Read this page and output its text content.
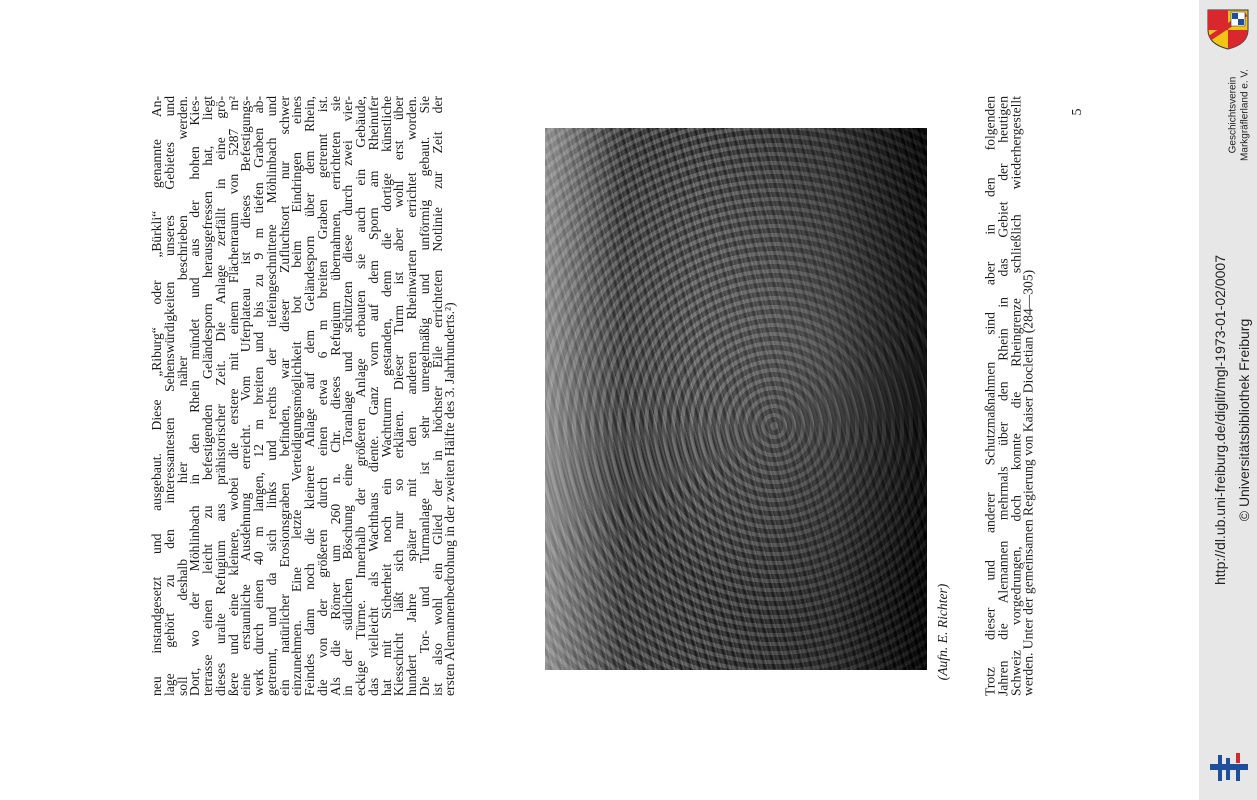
neu instandgesetzt und ausgebaut. Diese „Riburg“ oder „Bürkli“ genannte An-
lage gehört zu den interessantesten Sehenswürdigkeiten unseres Gebietes und
soll deshalb hier näher beschrieben werden.
Dort, wo der Möhlinbach in den Rhein mündet und aus der hohen Kies-
terrasse einen leicht zu befestigenden Geländesporn herausgefressen hat, liegt
dieses uralte Refugium aus prähistorischer Zeit. Die Anlage zerfällt in eine grö-
ßere und eine kleinere, wobei die erstere mit einem Flächenraum von 5287 m²
eine erstaunliche Ausdehnung erreicht. Vom Uferplateau ist dieses Befestigungs-
werk durch einen 40 m langen, 12 m breiten und bis zu 9 m tiefen Graben ab-
getrennt, und da sich links und rechts der tiefeingeschnittene Möhlinbach und
ein natürlicher Erosionsgraben befinden, war dieser Zufluchtsort nur schwer
einzunehmen. Eine letzte Verteidigungsmöglichkeit bot beim Eindringen eines
Feindes dann noch die kleinere Anlage auf dem Geländesporn über dem Rhein,
die von der größeren durch einen etwa 6 m breiten Graben getrennt ist.
Als die Römer um 260 n. Chr. dieses Refugium übernahmen, errichteten sie
in der südlichen Böschung eine Toranlage und schützten diese durch zwei vier-
eckige Türme. Innerhalb der größeren Anlage erbauten sie auch ein Gebäude,
das vielleicht als Wachthaus diente. Ganz vorn auf dem Sporn am Rheinufer
hat mit Sicherheit noch ein Wachtturm gestanden, denn die dortige künstliche
Kiesschicht läßt sich nur so erklären. Dieser Turm ist aber wohl erst über
hundert Jahre später mit den anderen Rheinwarten errichtet worden.
Die Tor- und Turmanlage ist sehr unregelmäßig und unförmig gebaut. Sie
ist also wohl ein Glied der in höchster Eile errichteten Notlinie zur Zeit der
ersten Alemannenbedrohung in der zweiten Hälfte des 3. Jahrhunderts.²)	(Aufn. E. Richter) Trotz dieser und anderer Schutzmaßnahmen sind aber in den folgenden
Jahren die Alemannen mehrmals über den Rhein in das Gebiet der heutigen
Schweiz vorgedrungen, doch konnte die Rheingrenze schließlich wiederhergestellt
werden. Unter der gemeinsamen Regierung von Kaiser Diocletian (284—305)
5	Geschichtsverein Markgräflerland e. V.
http://dl.ub.uni-freiburg.de/diglit/mgl-1973-01-02/0007 © Universitätsbibliothek Freiburg
